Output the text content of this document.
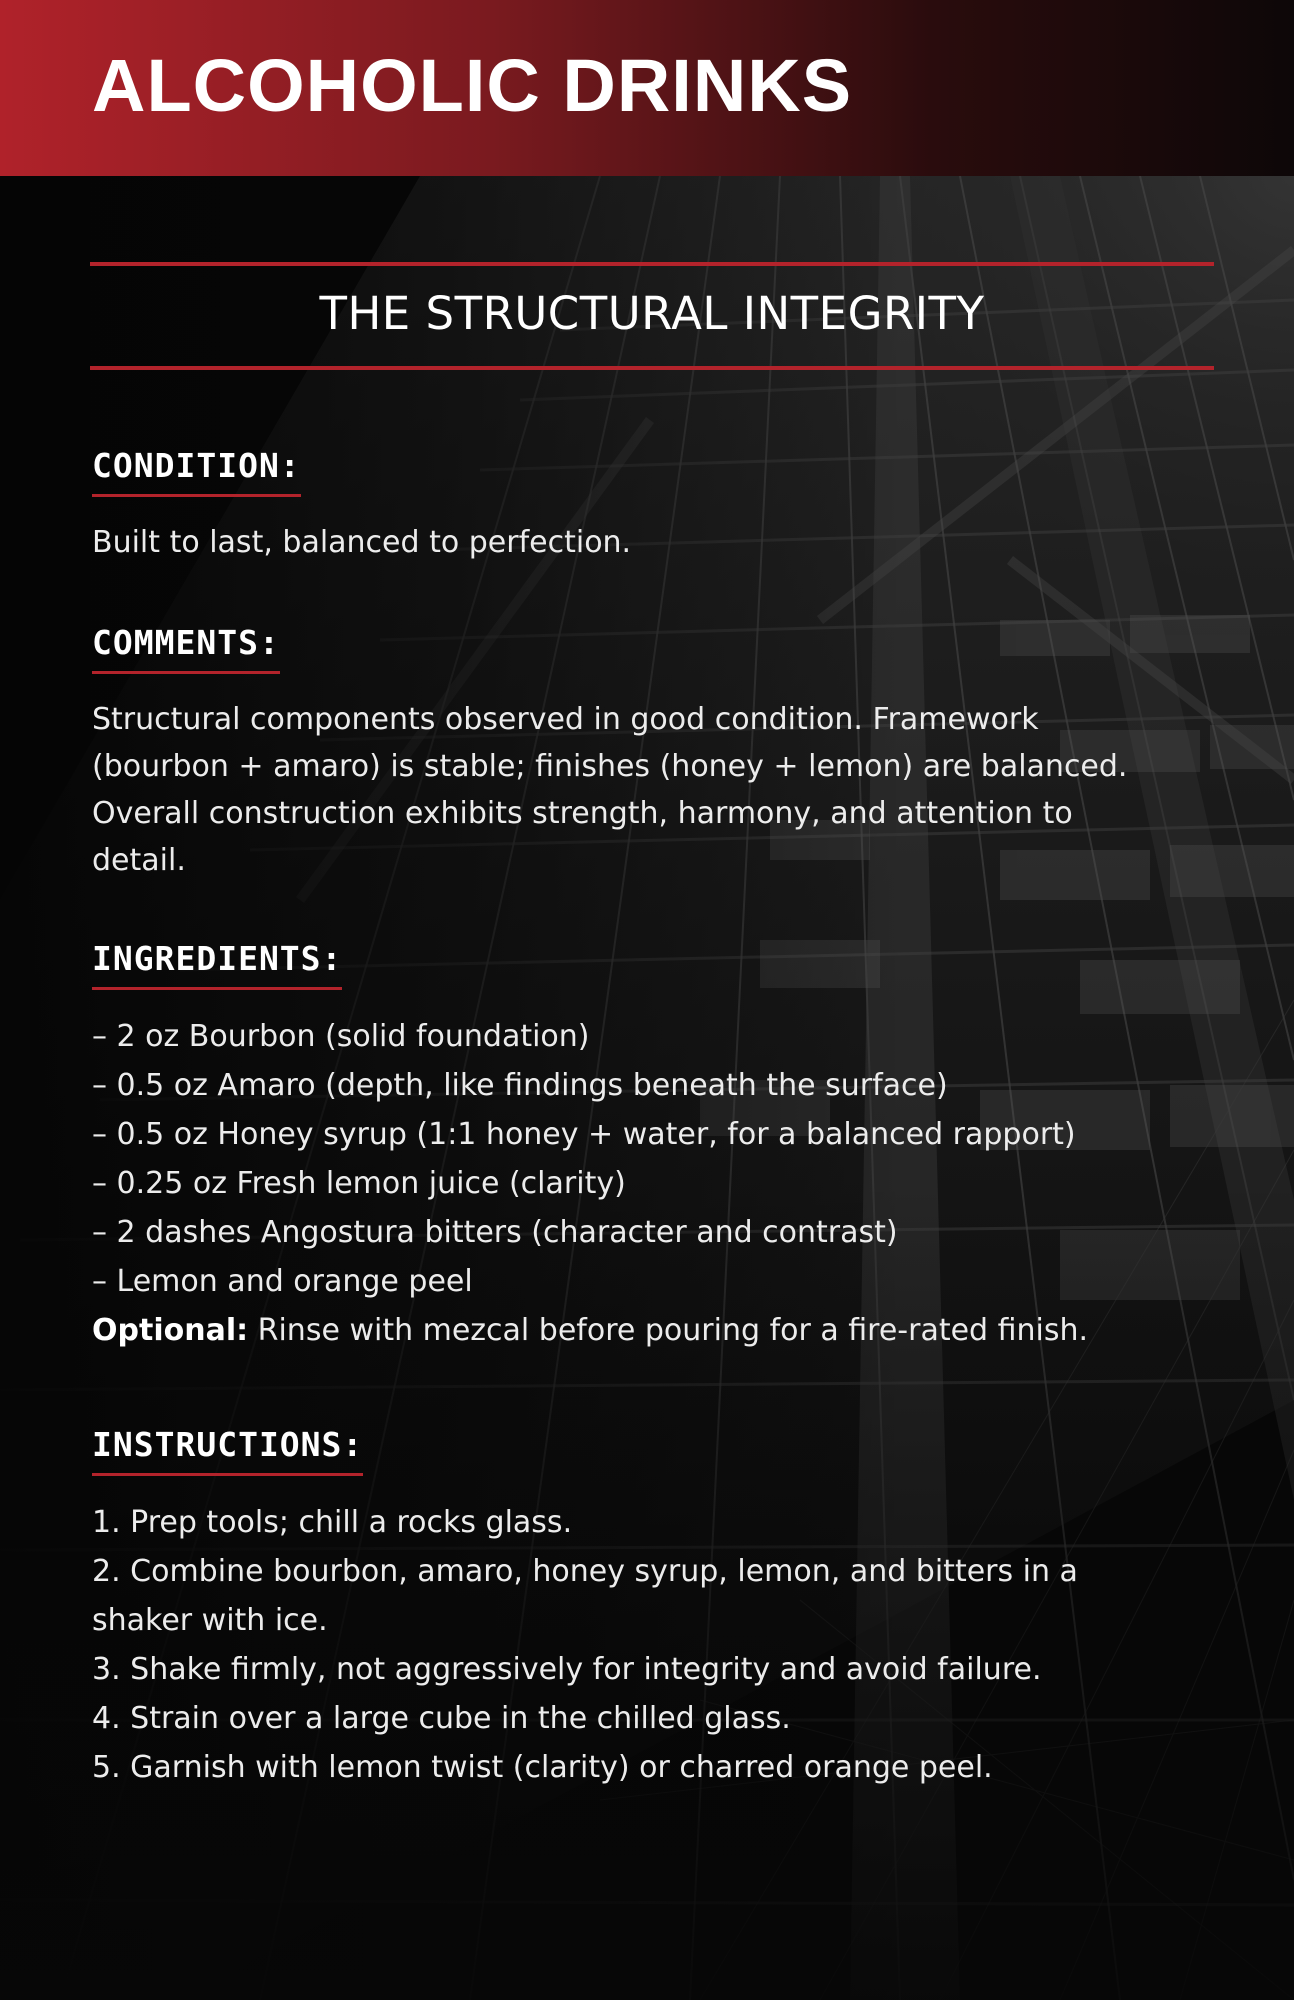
ALCOHOLIC DRINKS
THE STRUCTURAL INTEGRITY
CONDITION:
Built to last, balanced to perfection.
COMMENTS:
Structural components observed in good condition. Framework
(bourbon + amaro) is stable; finishes (honey + lemon) are balanced.
Overall construction exhibits strength, harmony, and attention to
detail.
INGREDIENTS:
– 2 oz Bourbon (solid foundation)
– 0.5 oz Amaro (depth, like findings beneath the surface)
– 0.5 oz Honey syrup (1:1 honey + water, for a balanced rapport)
– 0.25 oz Fresh lemon juice (clarity)
– 2 dashes Angostura bitters (character and contrast)
– Lemon and orange peel
Optional: Rinse with mezcal before pouring for a fire-rated finish.
INSTRUCTIONS:
1. Prep tools; chill a rocks glass.
2. Combine bourbon, amaro, honey syrup, lemon, and bitters in a
shaker with ice.
3. Shake firmly, not aggressively for integrity and avoid failure.
4. Strain over a large cube in the chilled glass.
5. Garnish with lemon twist (clarity) or charred orange peel.
